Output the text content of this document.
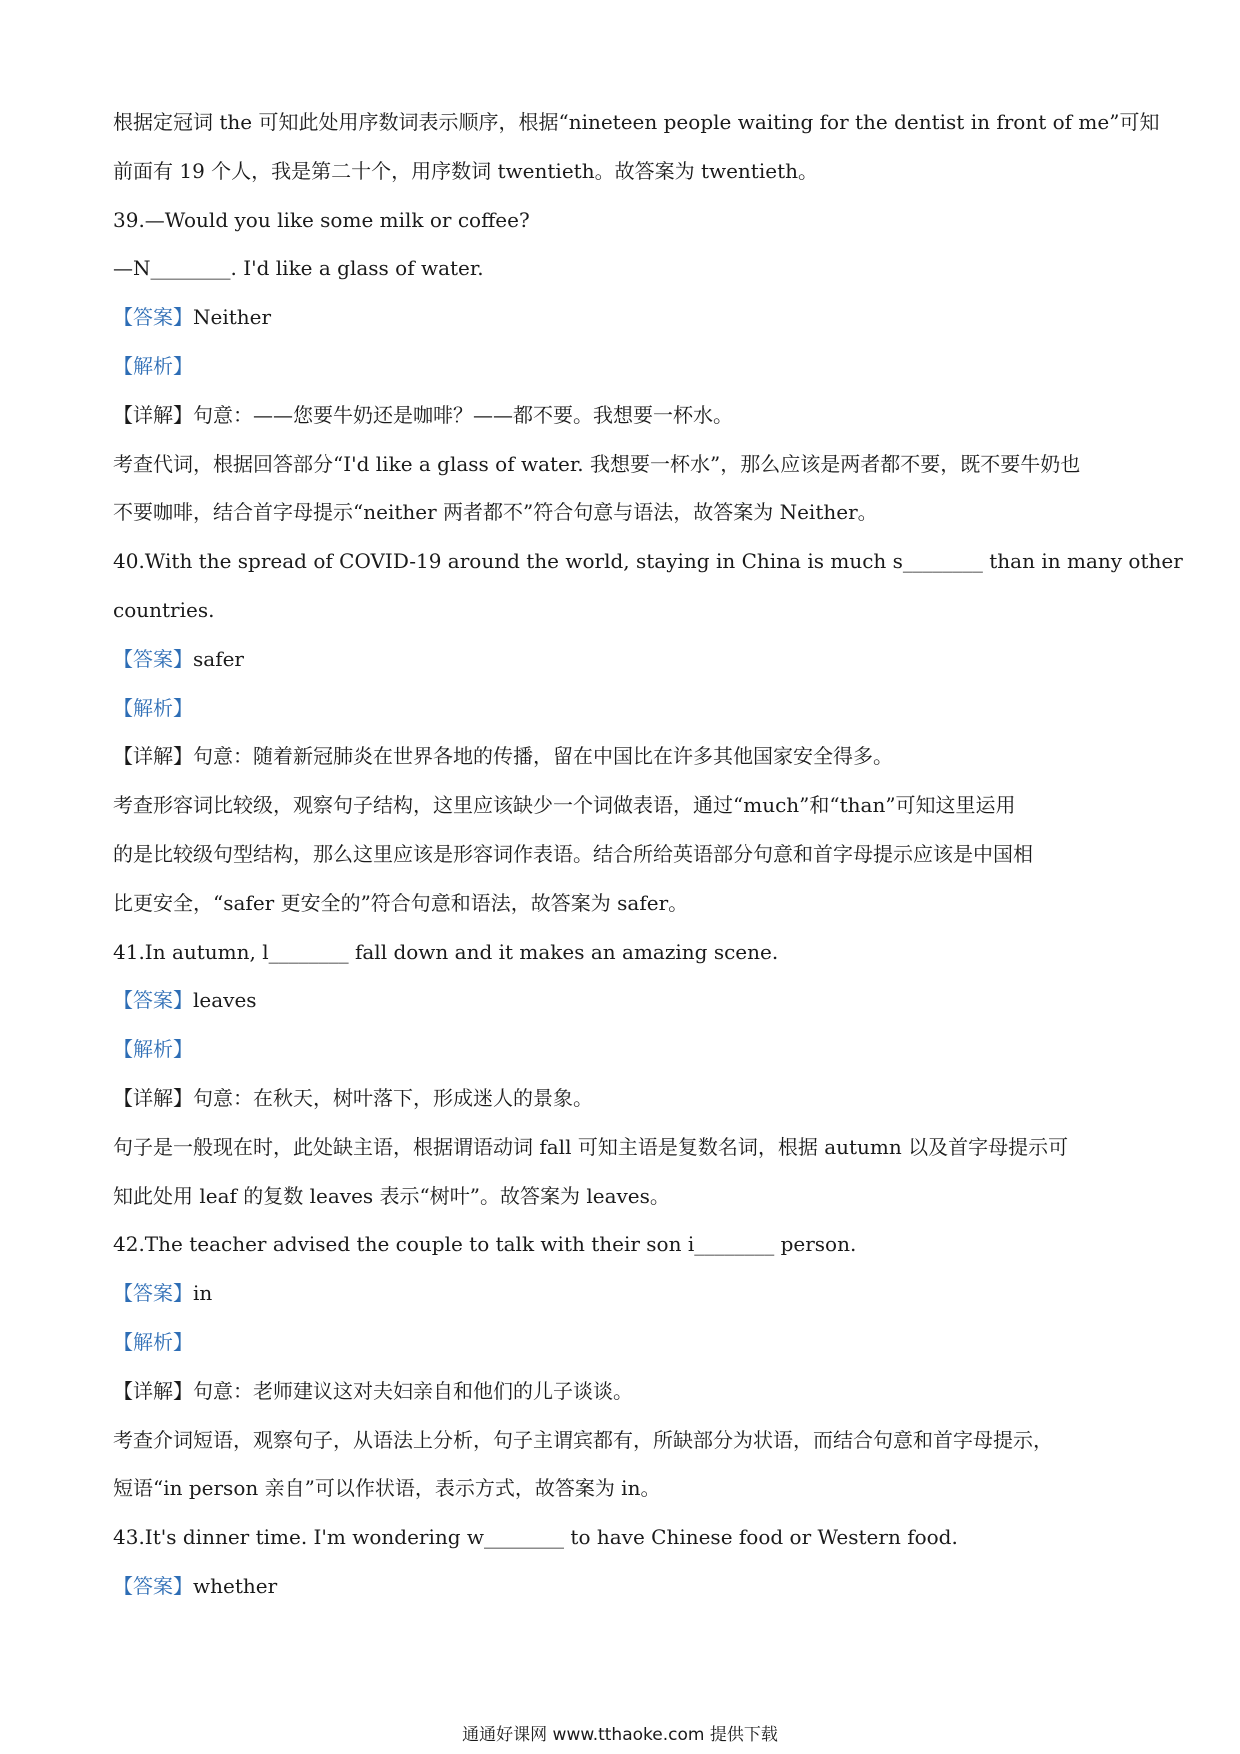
根据定冠词 the 可知此处用序数词表示顺序，根据“nineteen people waiting for the dentist in front of me”可知
前面有 19 个人，我是第二十个，用序数词 twentieth。故答案为 twentieth。
39.—Would you like some milk or coffee?
—N________. I'd like a glass of water.
【答案】Neither
【解析】
【详解】句意：——您要牛奶还是咖啡？——都不要。我想要一杯水。
考查代词，根据回答部分“I'd like a glass of water. 我想要一杯水”，那么应该是两者都不要，既不要牛奶也
不要咖啡，结合首字母提示“neither 两者都不”符合句意与语法，故答案为 Neither。
40.With the spread of COVID-19 around the world, staying in China is much s________ than in many other
countries.
【答案】safer
【解析】
【详解】句意：随着新冠肺炎在世界各地的传播，留在中国比在许多其他国家安全得多。
考查形容词比较级，观察句子结构，这里应该缺少一个词做表语，通过“much”和“than”可知这里运用
的是比较级句型结构，那么这里应该是形容词作表语。结合所给英语部分句意和首字母提示应该是中国相
比更安全，“safer 更安全的”符合句意和语法，故答案为 safer。
41.In autumn, l________ fall down and it makes an amazing scene.
【答案】leaves
【解析】
【详解】句意：在秋天，树叶落下，形成迷人的景象。
句子是一般现在时，此处缺主语，根据谓语动词 fall 可知主语是复数名词，根据 autumn 以及首字母提示可
知此处用 leaf 的复数 leaves 表示“树叶”。故答案为 leaves。
42.The teacher advised the couple to talk with their son i________ person.
【答案】in
【解析】
【详解】句意：老师建议这对夫妇亲自和他们的儿子谈谈。
考查介词短语，观察句子，从语法上分析，句子主谓宾都有，所缺部分为状语，而结合句意和首字母提示，
短语“in person 亲自”可以作状语，表示方式，故答案为 in。
43.It's dinner time. I'm wondering w________ to have Chinese food or Western food.
【答案】whether
通通好课网 www.tthaoke.com 提供下载
